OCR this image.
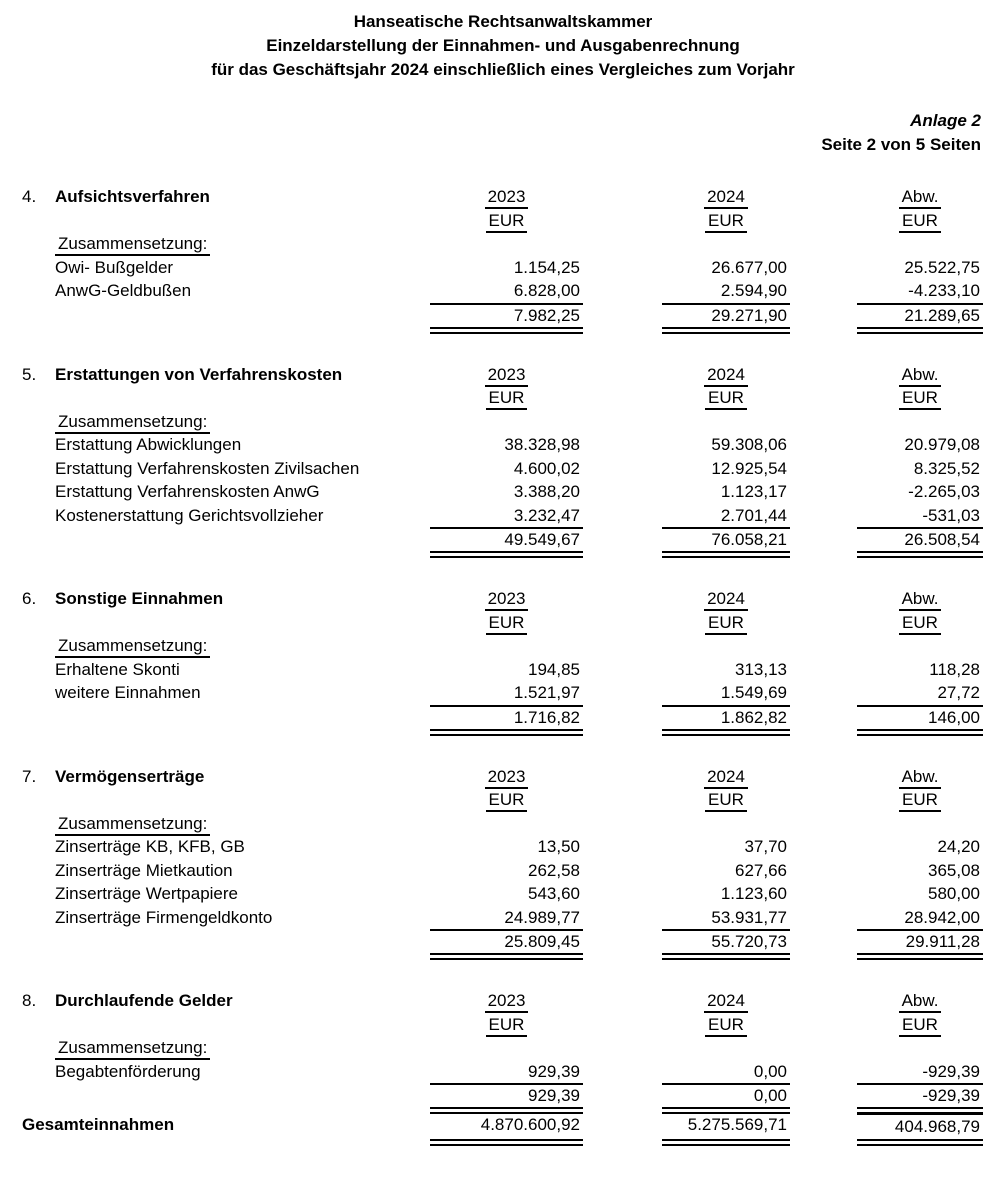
Hanseatische Rechtsanwaltskammer
Einzeldarstellung der Einnahmen- und Ausgabenrechnung
für das Geschäftsjahr 2024 einschließlich eines Vergleiches zum Vorjahr
Anlage 2
Seite 2 von 5 Seiten
4. Aufsichtsverfahren	2023	2024	Abw.
EUR	EUR	EUR
Zusammensetzung:
Owi- Bußgelder	1.154,25	26.677,00	25.522,75
AnwG-Geldbußen	6.828,00	2.594,90	-4.233,10
7.982,25	29.271,90	21.289,65
5. Erstattungen von Verfahrenskosten	2023	2024	Abw.
EUR	EUR	EUR
Zusammensetzung:
Erstattung Abwicklungen	38.328,98	59.308,06	20.979,08
Erstattung Verfahrenskosten Zivilsachen	4.600,02	12.925,54	8.325,52
Erstattung Verfahrenskosten AnwG	3.388,20	1.123,17	-2.265,03
Kostenerstattung Gerichtsvollzieher	3.232,47	2.701,44	-531,03
49.549,67	76.058,21	26.508,54
6. Sonstige Einnahmen	2023	2024	Abw.
EUR	EUR	EUR
Zusammensetzung:
Erhaltene Skonti	194,85	313,13	118,28
weitere Einnahmen	1.521,97	1.549,69	27,72
1.716,82	1.862,82	146,00
7. Vermögenserträge	2023	2024	Abw.
EUR	EUR	EUR
Zusammensetzung:
Zinserträge KB, KFB, GB	13,50	37,70	24,20
Zinserträge Mietkaution	262,58	627,66	365,08
Zinserträge Wertpapiere	543,60	1.123,60	580,00
Zinserträge Firmengeldkonto	24.989,77	53.931,77	28.942,00
25.809,45	55.720,73	29.911,28
8. Durchlaufende Gelder	2023	2024	Abw.
EUR	EUR	EUR
Zusammensetzung:
Begabtenförderung	929,39	0,00	-929,39
929,39	0,00	-929,39
Gesamteinnahmen	4.870.600,92	5.275.569,71	404.968,79
